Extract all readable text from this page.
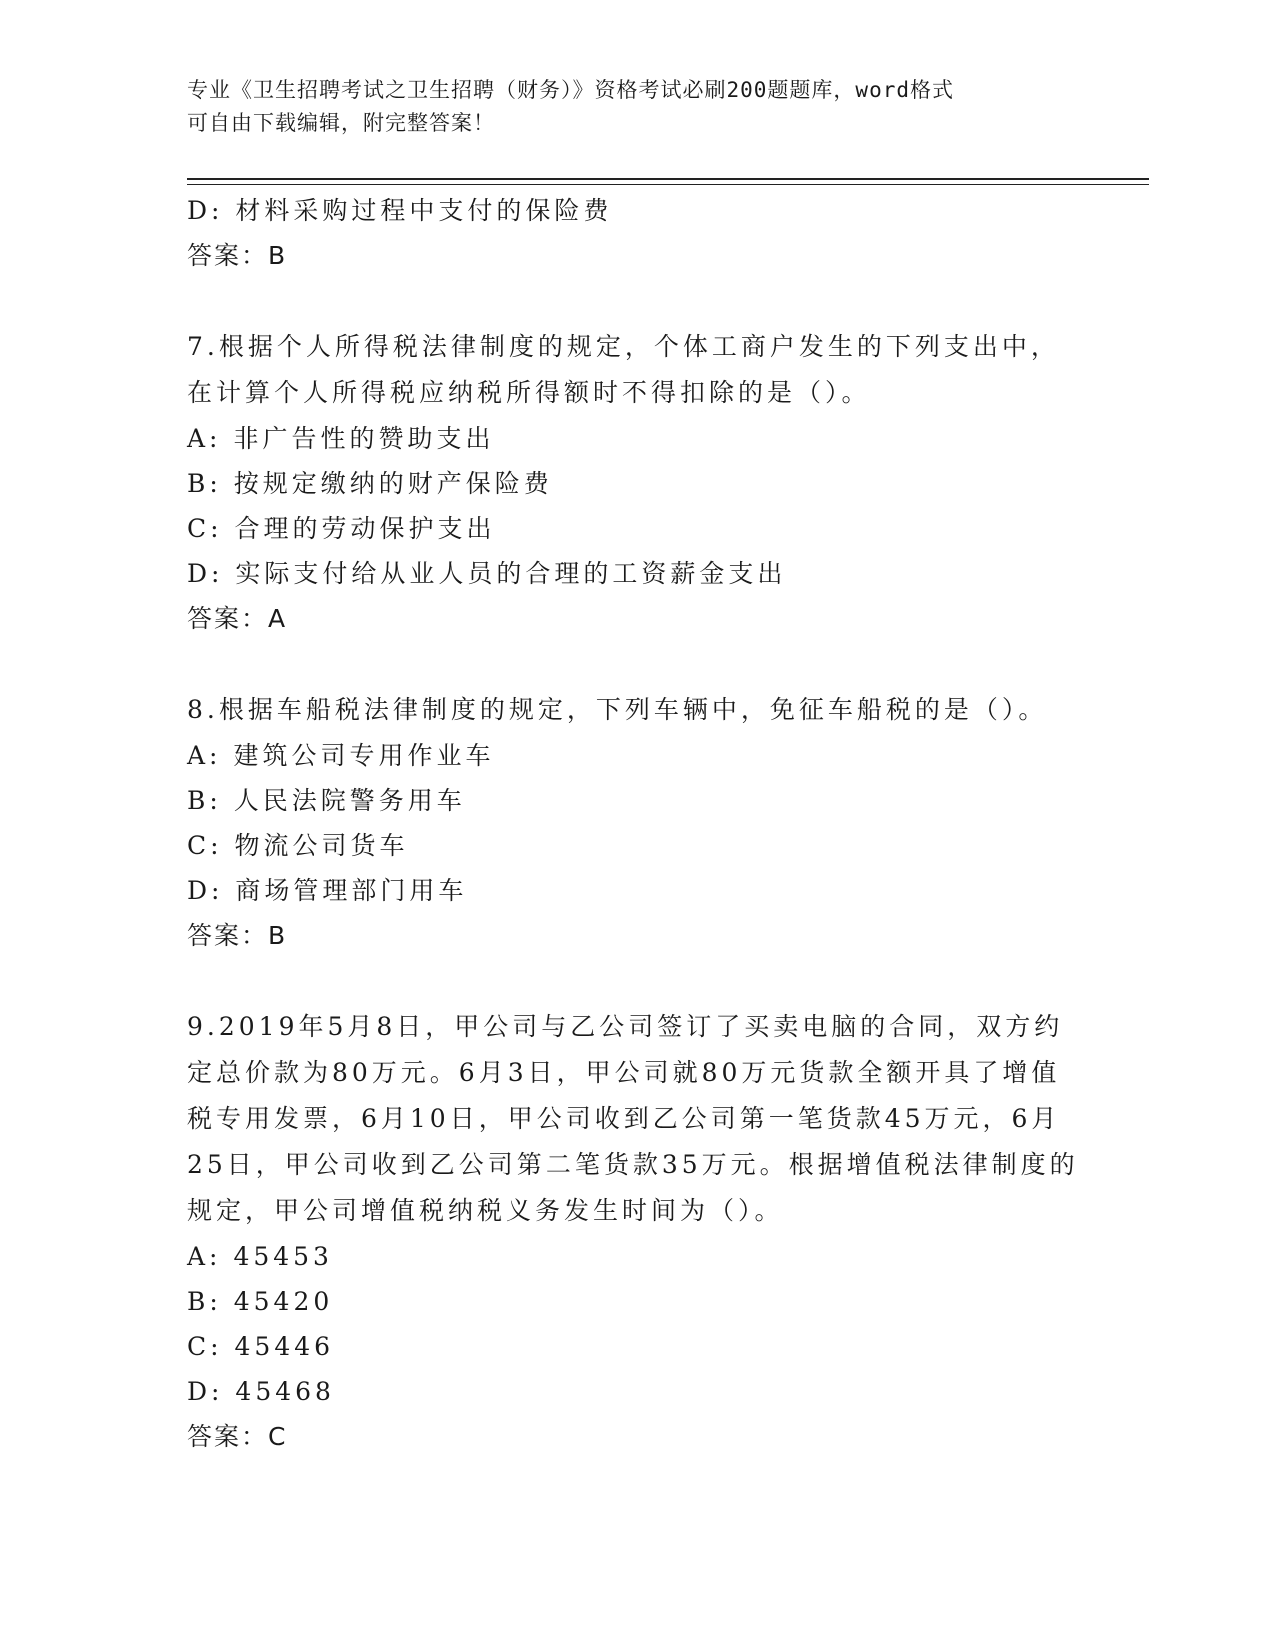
专业《卫生招聘考试之卫生招聘（财务）》资格考试必刷200题题库，word格式
可自由下载编辑，附完整答案！
D: 材料采购过程中支付的保险费
答案：B
7.根据个人所得税法律制度的规定，个体工商户发生的下列支出中，
在计算个人所得税应纳税所得额时不得扣除的是（）。
A: 非广告性的赞助支出
B: 按规定缴纳的财产保险费
C: 合理的劳动保护支出
D: 实际支付给从业人员的合理的工资薪金支出
答案：A
8.根据车船税法律制度的规定，下列车辆中，免征车船税的是（）。
A: 建筑公司专用作业车
B: 人民法院警务用车
C: 物流公司货车
D: 商场管理部门用车
答案：B
9.2019年5月8日，甲公司与乙公司签订了买卖电脑的合同，双方约
定总价款为80万元。6月3日，甲公司就80万元货款全额开具了增值
税专用发票，6月10日，甲公司收到乙公司第一笔货款45万元，6月
25日，甲公司收到乙公司第二笔货款35万元。根据增值税法律制度的
规定，甲公司增值税纳税义务发生时间为（）。
A: 45453
B: 45420
C: 45446
D: 45468
答案：C
